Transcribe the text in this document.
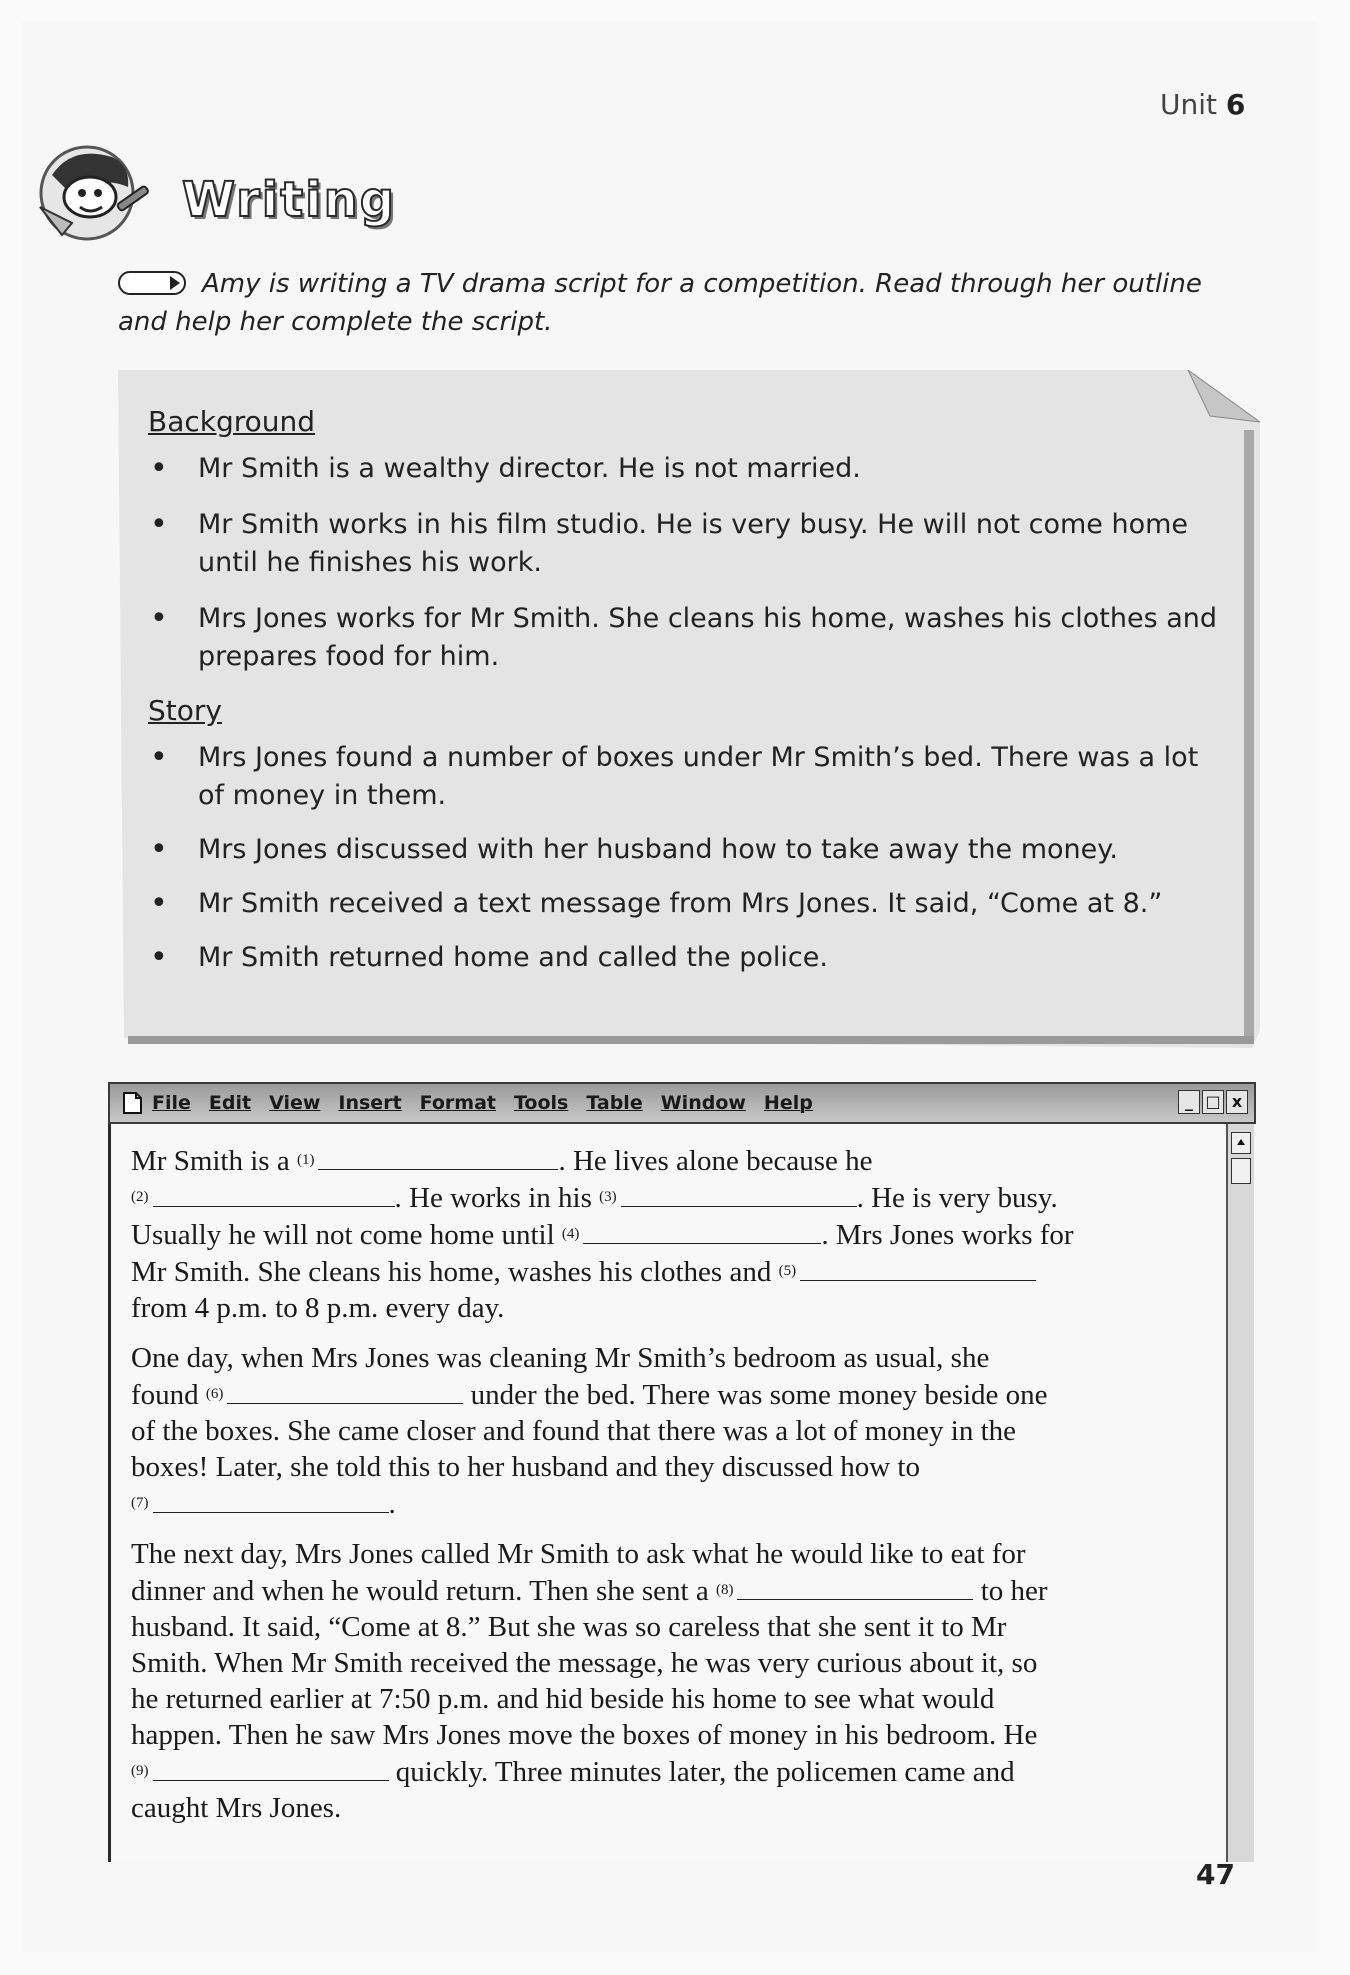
Unit 6
Writing
Amy is writing a TV drama script for a competition. Read through her outline and help her complete the script.
Background
• Mr Smith is a wealthy director. He is not married.
• Mr Smith works in his film studio. He is very busy. He will not come home until he finishes his work.
• Mrs Jones works for Mr Smith. She cleans his home, washes his clothes and prepares food for him.
Story
• Mrs Jones found a number of boxes under Mr Smith’s bed. There was a lot of money in them.
• Mrs Jones discussed with her husband how to take away the money.
• Mr Smith received a text message from Mrs Jones. It said, “Come at 8.”
• Mr Smith returned home and called the police.
File Edit View Insert Format Tools Table Window Help	_ □ x

Mr Smith is a $^{(1)}$	. He lives alone because he
$^{(2)}$	. He works in his $^{(3)}$	. He is very busy.
Usually he will not come home until $^{(4)}$	. Mrs Jones works for
Mr Smith. She cleans his home, washes his clothes and $^{(5)}$
from 4 p.m. to 8 p.m. every day.

One day, when Mrs Jones was cleaning Mr Smith’s bedroom as usual, she
found $^{(6)}$	under the bed. There was some money beside one
of the boxes. She came closer and found that there was a lot of money in the
boxes! Later, she told this to her husband and they discussed how to
$^{(7)}$	.

The next day, Mrs Jones called Mr Smith to ask what he would like to eat for
dinner and when he would return. Then she sent a $^{(8)}$	to her
husband. It said, “Come at 8.” But she was so careless that she sent it to Mr
Smith. When Mr Smith received the message, he was very curious about it, so
he returned earlier at 7:50 p.m. and hid beside his home to see what would
happen. Then he saw Mrs Jones move the boxes of money in his bedroom. He
$^{(9)}$	quickly. Three minutes later, the policemen came and
caught Mrs Jones.

47
